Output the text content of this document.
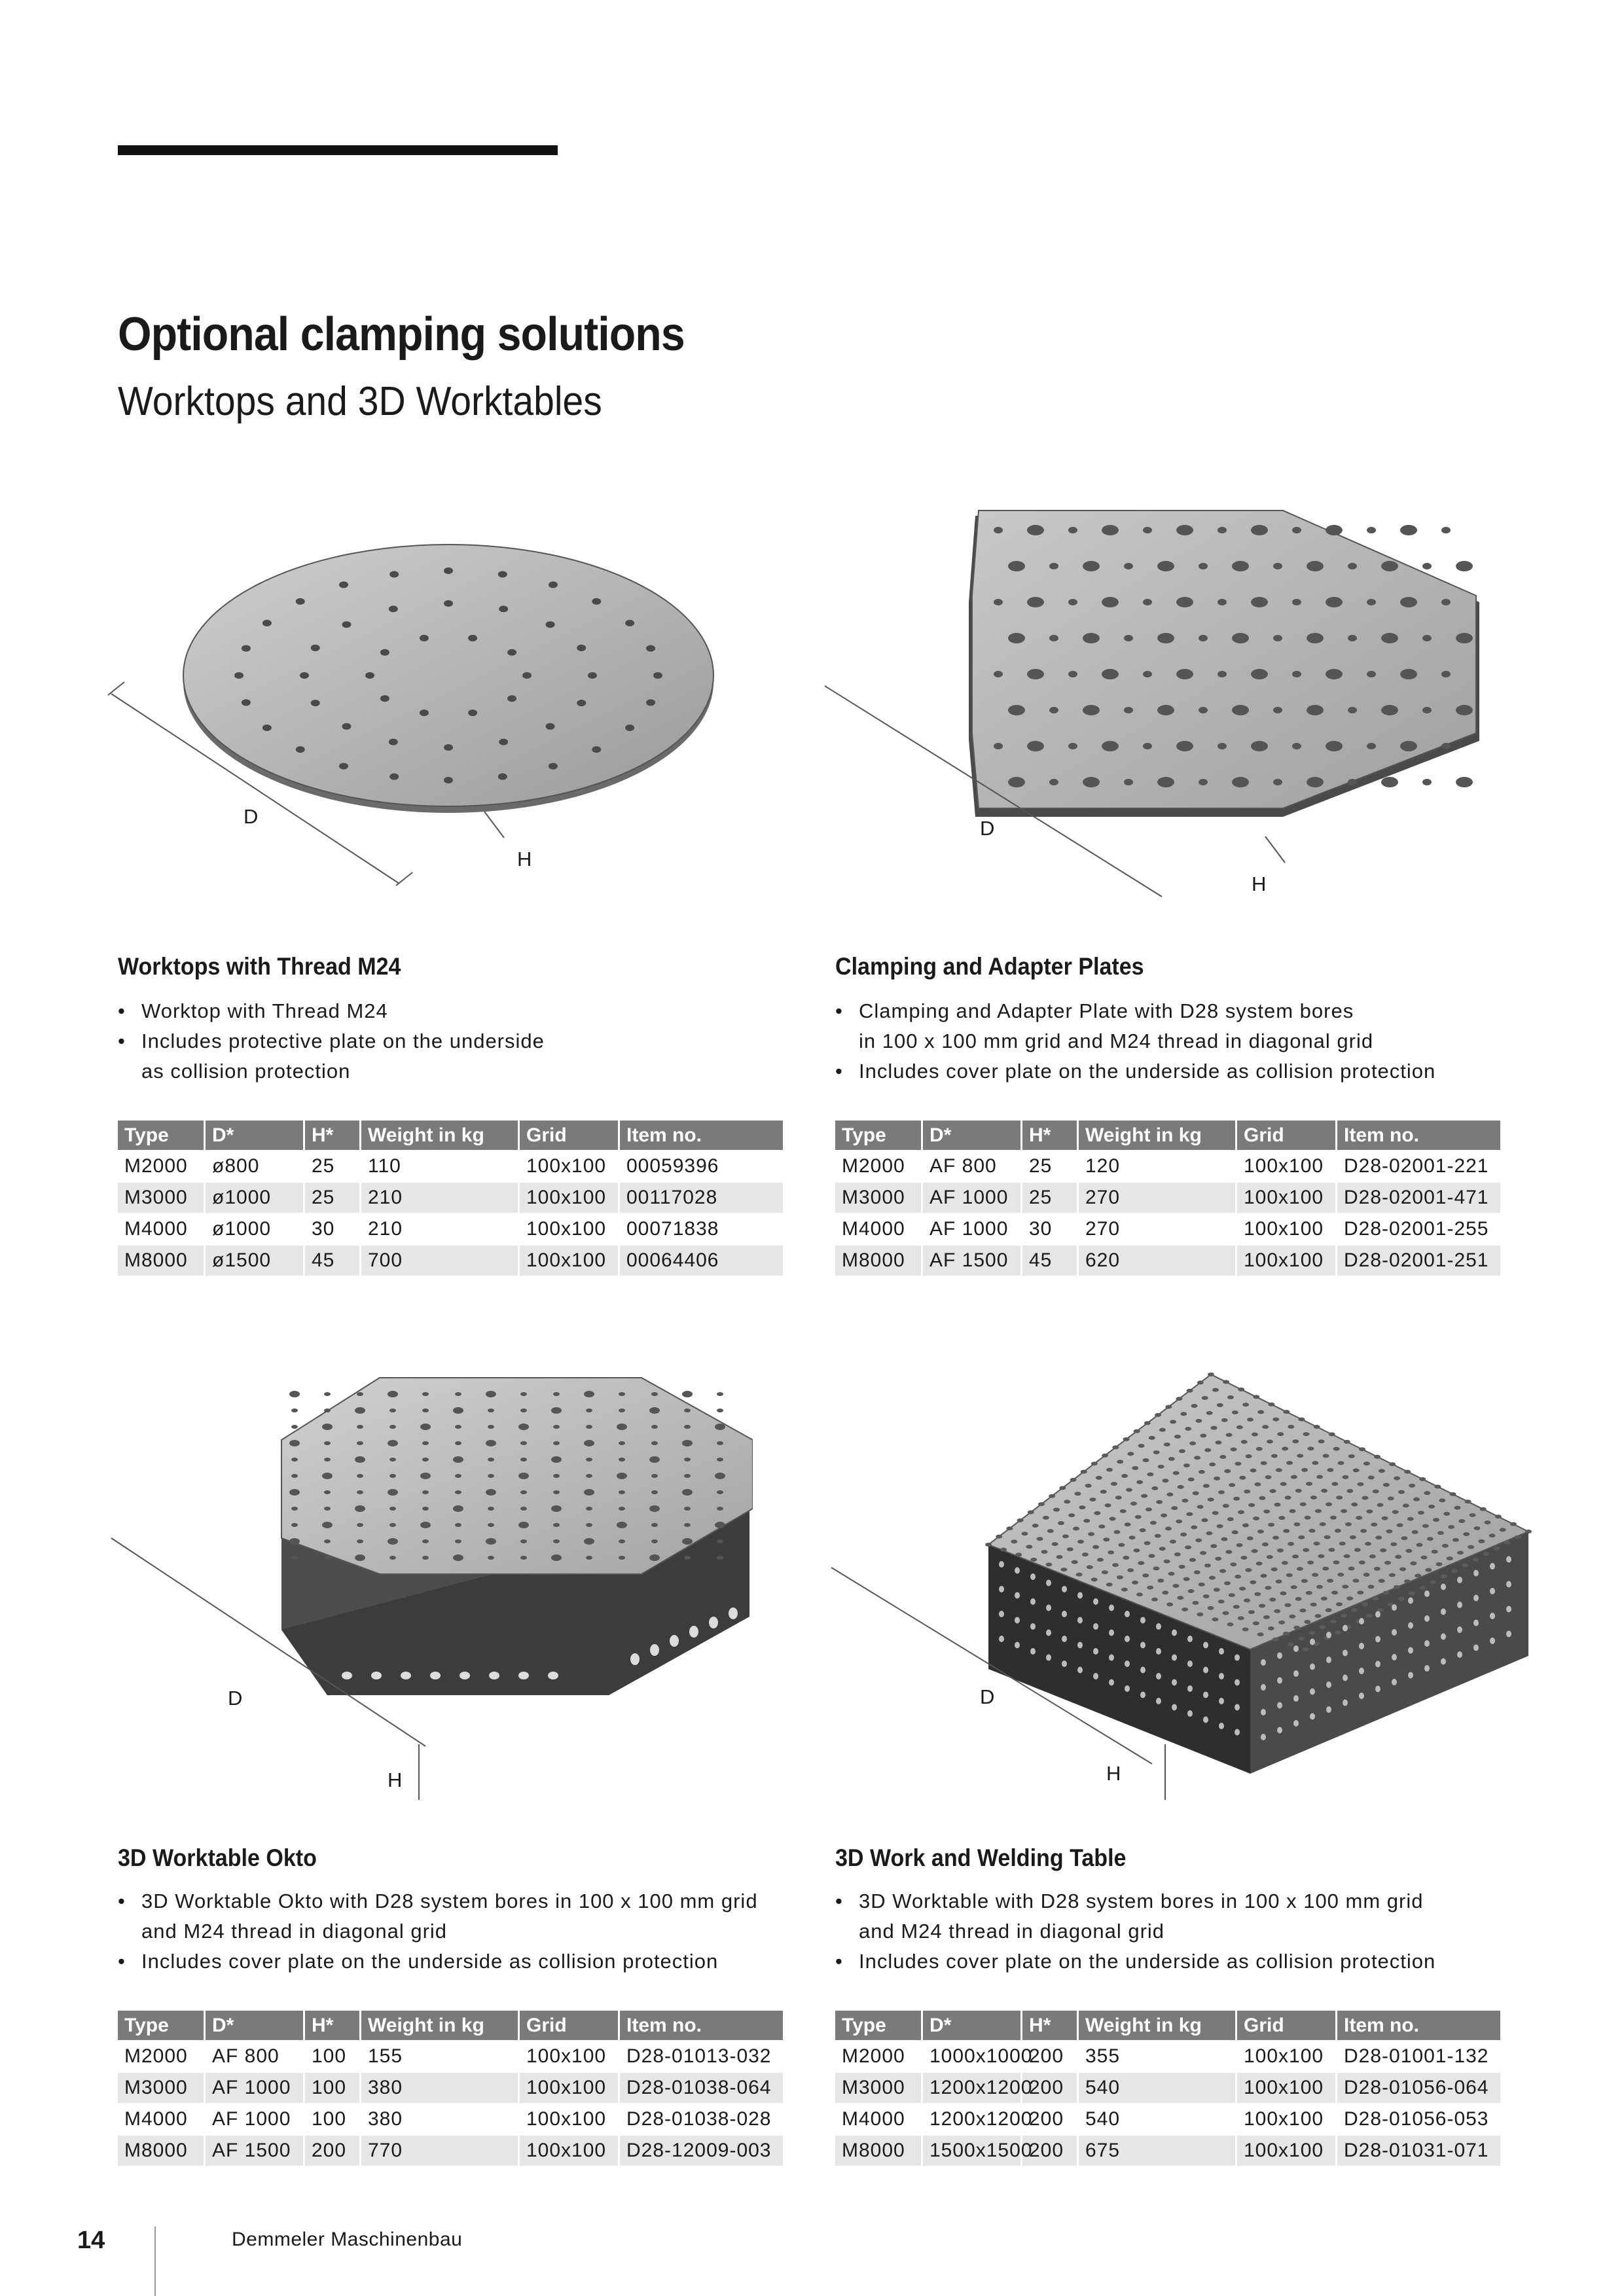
Optional clamping solutions
Worktops and 3D Worktables
D
H
D
H
Worktops with Thread M24
• Worktop with Thread M24
• Includes protective plate on the underside
as collision protection
Type	D*	H*	Weight in kg	Grid	Item no.
M2000	ø800	25	110	100x100	00059396
M3000	ø1000	25	210	100x100	00117028
M4000	ø1000	30	210	100x100	00071838
M8000	ø1500	45	700	100x100	00064406
Clamping and Adapter Plates
• Clamping and Adapter Plate with D28 system bores
in 100 x 100 mm grid and M24 thread in diagonal grid
• Includes cover plate on the underside as collision protection
Type	D*	H*	Weight in kg	Grid	Item no.
M2000	AF 800	25	120	100x100	D28-02001-221
M3000	AF 1000	25	270	100x100	D28-02001-471
M4000	AF 1000	30	270	100x100	D28-02001-255
M8000	AF 1500	45	620	100x100	D28-02001-251
D
H
D
H
3D Worktable Okto
• 3D Worktable Okto with D28 system bores in 100 x 100 mm grid
and M24 thread in diagonal grid
• Includes cover plate on the underside as collision protection
Type	D*	H*	Weight in kg	Grid	Item no.
M2000	AF 800	100	155	100x100	D28-01013-032
M3000	AF 1000	100	380	100x100	D28-01038-064
M4000	AF 1000	100	380	100x100	D28-01038-028
M8000	AF 1500	200	770	100x100	D28-12009-003
3D Work and Welding Table
• 3D Worktable with D28 system bores in 100 x 100 mm grid
and M24 thread in diagonal grid
• Includes cover plate on the underside as collision protection
Type	D*	H*	Weight in kg	Grid	Item no.
M2000	1000x1000	200	355	100x100	D28-01001-132
M3000	1200x1200	200	540	100x100	D28-01056-064
M4000	1200x1200	200	540	100x100	D28-01056-053
M8000	1500x1500	200	675	100x100	D28-01031-071
14	Demmeler Maschinenbau
